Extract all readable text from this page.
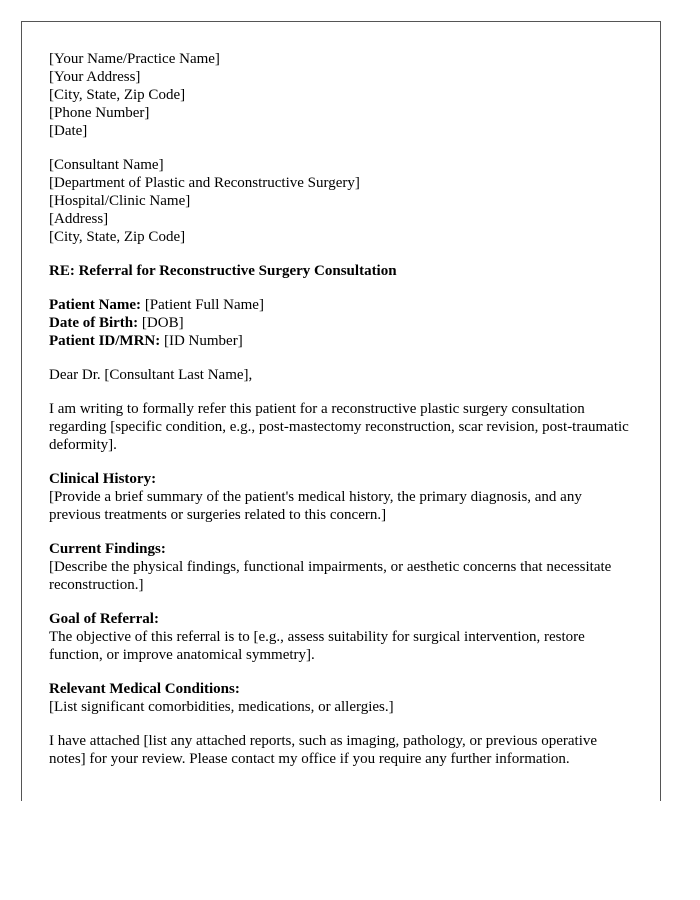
[Your Name/Practice Name]
[Your Address]
[City, State, Zip Code]
[Phone Number]
[Date]
[Consultant Name]
[Department of Plastic and Reconstructive Surgery]
[Hospital/Clinic Name]
[Address]
[City, State, Zip Code]

RE: Referral for Reconstructive Surgery Consultation

Patient Name: [Patient Full Name]
Date of Birth: [DOB]
Patient ID/MRN: [ID Number]

Dear Dr. [Consultant Last Name],

I am writing to formally refer this patient for a reconstructive plastic surgery consultation regarding [specific condition, e.g., post-mastectomy reconstruction, scar revision, post-traumatic deformity].

Clinical History:
[Provide a brief summary of the patient's medical history, the primary diagnosis, and any previous treatments or surgeries related to this concern.]
Current Findings:
[Describe the physical findings, functional impairments, or aesthetic concerns that necessitate reconstruction.]
Goal of Referral:
The objective of this referral is to [e.g., assess suitability for surgical intervention, restore function, or improve anatomical symmetry].
Relevant Medical Conditions:
[List significant comorbidities, medications, or allergies.]

I have attached [list any attached reports, such as imaging, pathology, or previous operative notes] for your review. Please contact my office if you require any further information.
